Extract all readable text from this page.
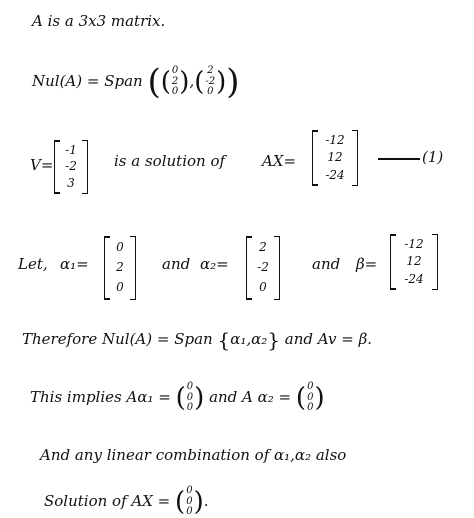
A is a 3x3 matrix.
Nul(A) = Span (( 0
2
0 ),( 2
-2
0 ))
V=
-1
-2
3
is a solution of AX=
-12
12
-24
(1)
Let, α₁=
0
2
0
and α₂=
2
-2
0
and β=
-12
12
-24
Therefore Nul(A) = Span {α₁,α₂} and Av = β.
This implies Aα₁ = ( 0
0
0 ) and A α₂ = ( 0
0
0 )
And any linear combination of α₁,α₂ also
Solution of AX = ( 0
0
0 ).
